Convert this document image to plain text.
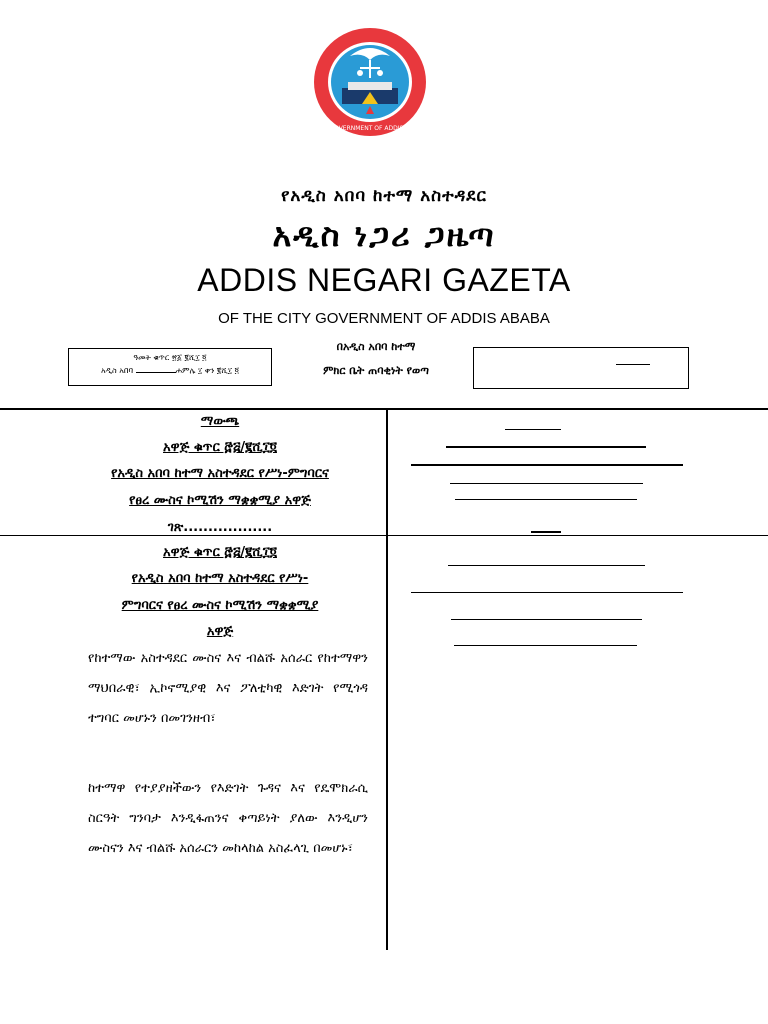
CITY GOVERNMENT OF ADDIS ABABA
የአዲስ አበባ ከተማ አስተዳደር
አዲስ ነጋሪ ጋዜጣ
ADDIS NEGARI GAZETA
OF THE CITY GOVERNMENT OF ADDIS ABABA
ዓመት ቁጥር ፳፩ ፪ሺ፲ ፬
አዲስ አበባ	ሐምሌ ፲ ቀን ፪ሺ፲ ፬
በአዲስ አበባ ከተማ
ምክር ቤት ጠባቂነት የወጣ
ማውጫ
አዋጅ ቁጥር ፸፭/፪ሺ፲፬
የአዲስ አበባ ከተማ አስተዳደር የሥነ-ምግባርና
የፀረ ሙስና ኮሚሽን ማቋቋሚያ አዋጅ
ገጽ..................
አዋጅ ቁጥር ፸፭/፪ሺ፲፬
የአዲስ አበባ ከተማ አስተዳደር የሥነ-
ምግባርና የፀረ ሙስና ኮሚሽን ማቋቋሚያ
አዋጅ
የከተማው አስተዳደር ሙስና እና ብልሹ አሰራር የከተማዋን ማህበራዊ፣ ኢኮኖሚያዊ እና ፖለቲካዊ እድገት የሚጎዳ ተግባር መሆኑን በመገንዘብ፣
ከተማዋ የተያያዘችውን የእድገት ጉዳና እና የዴሞክራሲ ስርዓት ግንባታ እንዲፋጠንና ቀጣይነት ያለው እንዲሆን ሙስናን እና ብልሹ አሰራርን መከላከል አስፈላጊ በመሆኑ፣
